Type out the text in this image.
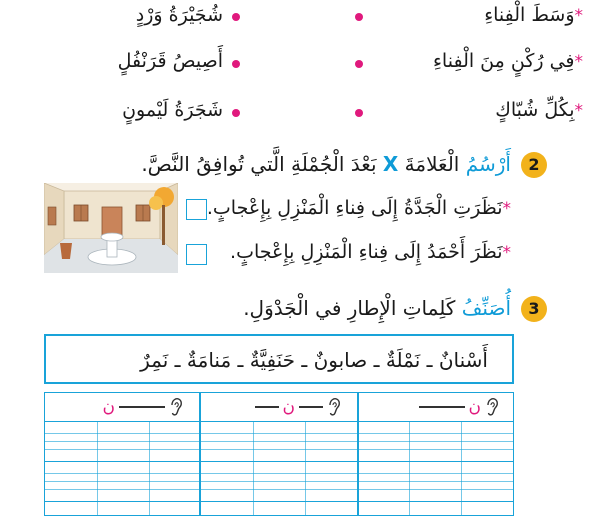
*وَسَطَ الْفِناءِ
شُجَيْرَةُ وَرْدٍ
*فِي رُكْنٍ مِنَ الْفِناءِ
أَصِيصُ قَرَنْفُلٍ
*بِكُلِّ شُبّاكٍ
شَجَرَةُ لَيْمونٍ
2
أَرْسُمُ الْعَلامَةَ X بَعْدَ الْجُمْلَةِ الَّتي تُوافِقُ النَّصَّ.
*نَظَرَتِ الْجَدَّةُ إِلَى فِناءِ الْمَنْزِلِ بِإِعْجابٍ.
*نَظَرَ أَحْمَدُ إِلَى فِناءِ الْمَنْزِلِ بِإِعْجابٍ.
3
أُصَنِّفُ كَلِماتِ الْإِطارِ في الْجَدْوَلِ.
أَسْنانٌ ـ نَمْلَةٌ ـ صابونٌ ـ حَنَفِيَّةٌ ـ مَنامَةٌ ـ نَمِرٌ
ن
ن
ن
